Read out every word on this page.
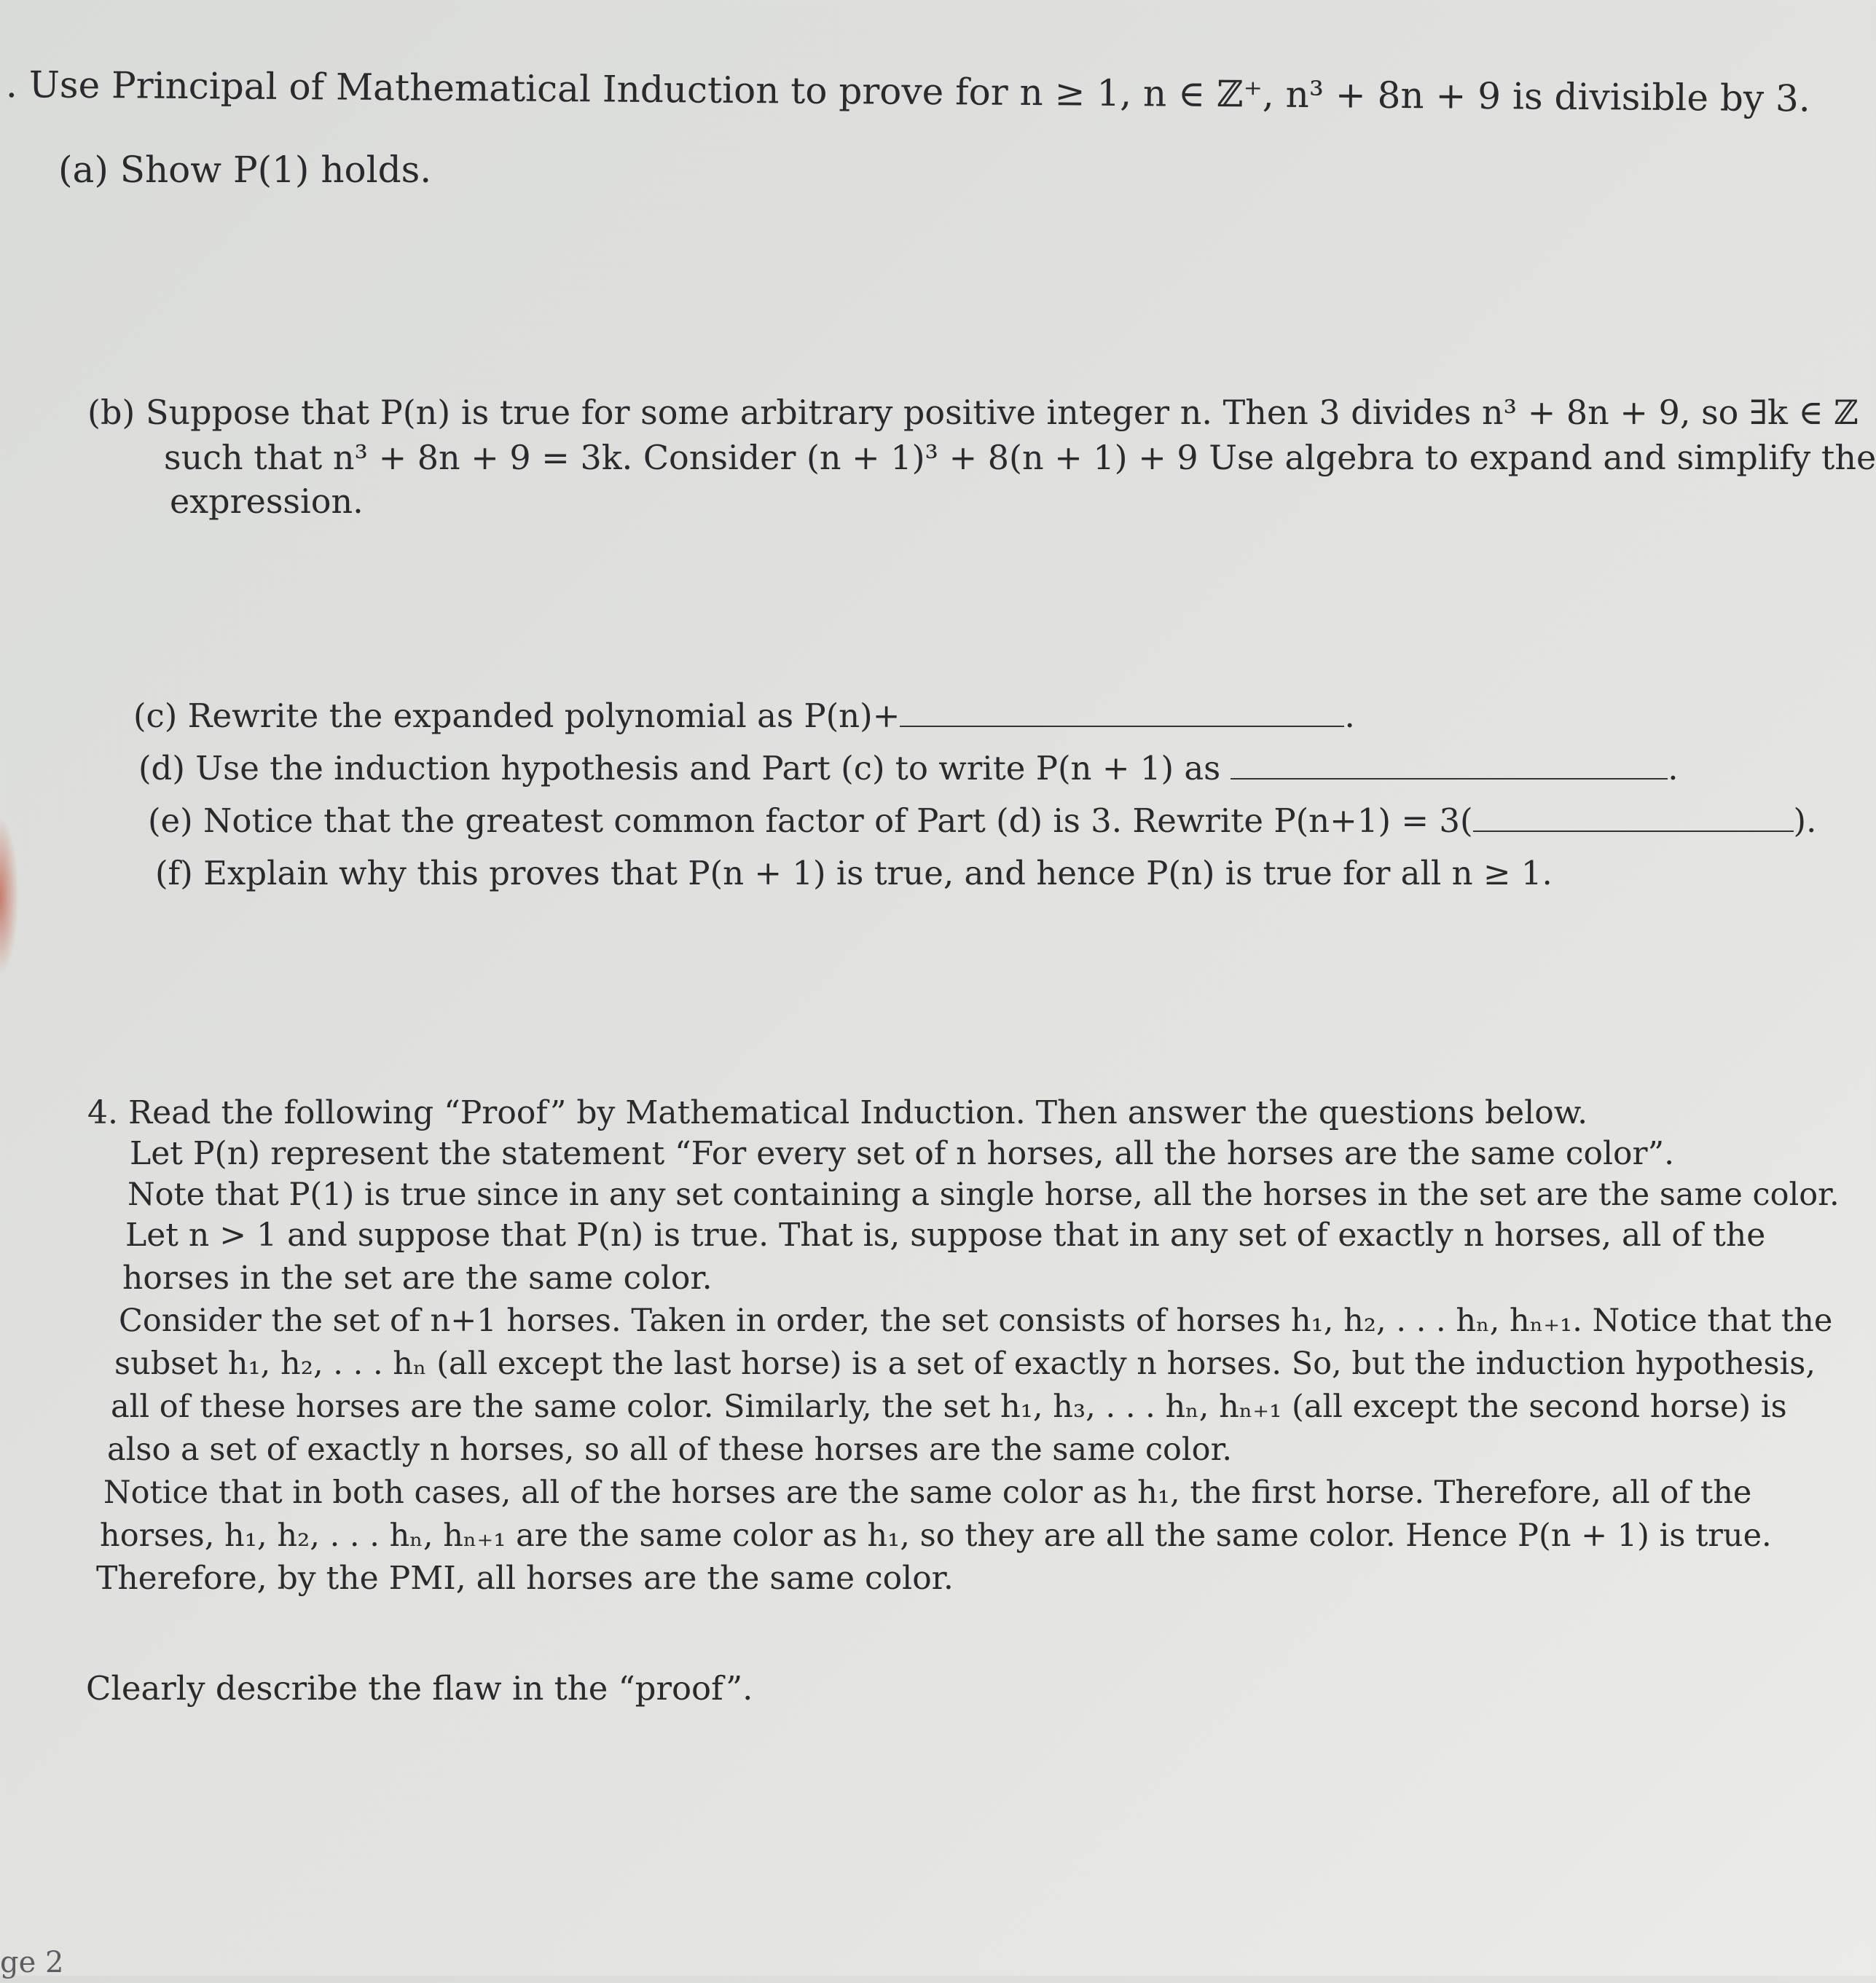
. Use Principal of Mathematical Induction to prove for n ≥ 1, n ∈ ℤ⁺, n³ + 8n + 9 is divisible by 3.
(a) Show P(1) holds.
(b) Suppose that P(n) is true for some arbitrary positive integer n. Then 3 divides n³ + 8n + 9, so ∃k ∈ ℤ
such that n³ + 8n + 9 = 3k. Consider (n + 1)³ + 8(n + 1) + 9 Use algebra to expand and simplify the
expression.
(c) Rewrite the expanded polynomial as P(n)+	.
(d) Use the induction hypothesis and Part (c) to write P(n + 1) as	.
(e) Notice that the greatest common factor of Part (d) is 3. Rewrite P(n+1) = 3(	).
(f) Explain why this proves that P(n + 1) is true, and hence P(n) is true for all n ≥ 1.
4. Read the following “Proof” by Mathematical Induction. Then answer the questions below.
Let P(n) represent the statement “For every set of n horses, all the horses are the same color”.
Note that P(1) is true since in any set containing a single horse, all the horses in the set are the same color.
Let n > 1 and suppose that P(n) is true. That is, suppose that in any set of exactly n horses, all of the
horses in the set are the same color.
Consider the set of n+1 horses. Taken in order, the set consists of horses h₁, h₂, . . . hₙ, hₙ₊₁. Notice that the
subset h₁, h₂, . . . hₙ (all except the last horse) is a set of exactly n horses. So, but the induction hypothesis,
all of these horses are the same color. Similarly, the set h₁, h₃, . . . hₙ, hₙ₊₁ (all except the second horse) is
also a set of exactly n horses, so all of these horses are the same color.
Notice that in both cases, all of the horses are the same color as h₁, the first horse. Therefore, all of the
horses, h₁, h₂, . . . hₙ, hₙ₊₁ are the same color as h₁, so they are all the same color. Hence P(n + 1) is true.
Therefore, by the PMI, all horses are the same color.
Clearly describe the flaw in the “proof”.
ge 2
